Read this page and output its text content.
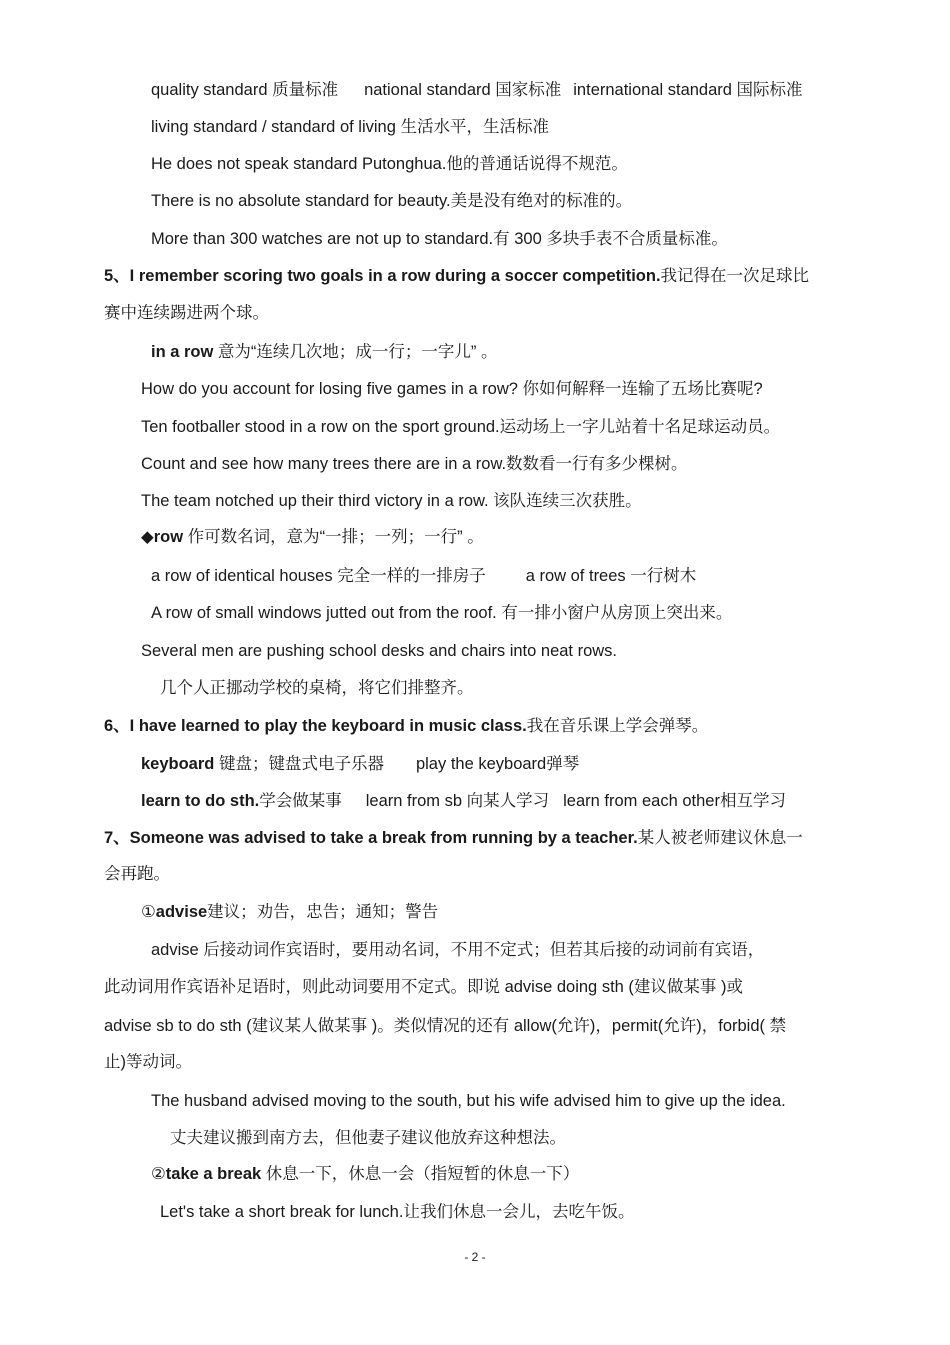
quality standard 质量标准 national standard 国家标准 international standard 国际标准
living standard / standard of living 生活水平，生活标准
He does not speak standard Putonghua.他的普通话说得不规范。
There is no absolute standard for beauty.美是没有绝对的标准的。
More than 300 watches are not up to standard.有 300 多块手表不合质量标准。
5、I remember scoring two goals in a row during a soccer competition.我记得在一次足球比
赛中连续踢进两个球。
in a row 意为“连续几次地；成一行；一字儿” 。
How do you account for losing five games in a row? 你如何解释一连输了五场比赛呢?
Ten footballer stood in a row on the sport ground.运动场上一字儿站着十名足球运动员。
Count and see how many trees there are in a row.数数看一行有多少棵树。
The team notched up their third victory in a row. 该队连续三次获胜。
◆row 作可数名词，意为“一排；一列；一行” 。
a row of identical houses 完全一样的一排房子 a row of trees 一行树木
A row of small windows jutted out from the roof. 有一排小窗户从房顶上突出来。
Several men are pushing school desks and chairs into neat rows.
几个人正挪动学校的桌椅，将它们排整齐。
6、I have learned to play the keyboard in music class.我在音乐课上学会弹琴。
keyboard 键盘；键盘式电子乐器 play the keyboard弹琴
learn to do sth.学会做某事 learn from sb 向某人学习 learn from each other相互学习
7、Someone was advised to take a break from running by a teacher.某人被老师建议休息一
会再跑。
①advise建议；劝告，忠告；通知；警告
advise 后接动词作宾语时，要用动名词，不用不定式；但若其后接的动词前有宾语，
此动词用作宾语补足语时，则此动词要用不定式。即说 advise doing sth (建议做某事 )或
advise sb to do sth (建议某人做某事 )。类似情况的还有 allow(允许)，permit(允许)，forbid( 禁
止)等动词。
The husband advised moving to the south, but his wife advised him to give up the idea.
丈夫建议搬到南方去，但他妻子建议他放弃这种想法。
②take a break 休息一下，休息一会（指短暂的休息一下）
Let's take a short break for lunch.让我们休息一会儿，去吃午饭。
- 2 -
